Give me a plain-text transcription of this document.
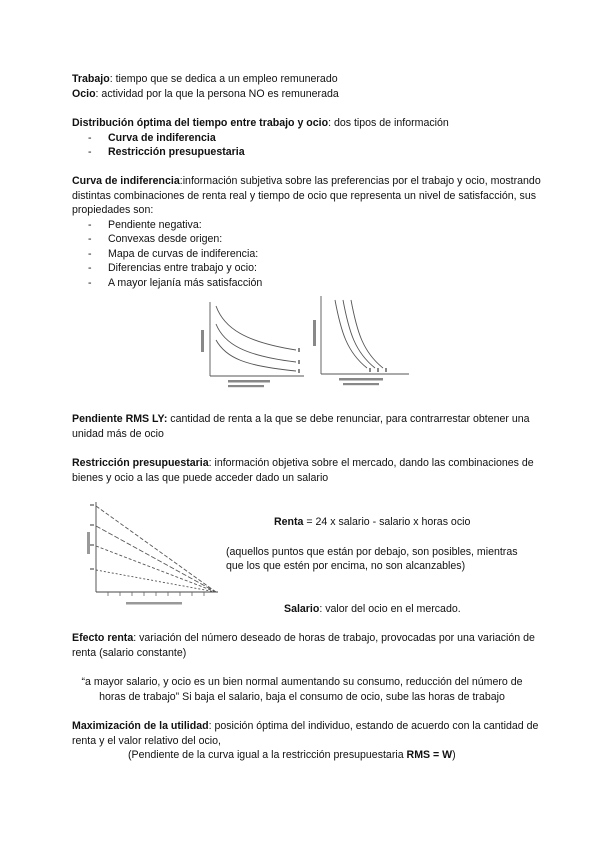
Trabajo: tiempo que se dedica a un empleo remunerado

Ocio: actividad por la que la persona NO es remunerada

Distribución óptima del tiempo entre trabajo y ocio: dos tipos de información

- Curva de indiferencia
- Restricción presupuestaria

Curva de indiferencia:información subjetiva sobre las preferencias por el trabajo y ocio, mostrando distintas combinaciones de renta real y tiempo de ocio que representa un nivel de satisfacción, sus propiedades son:

- Pendiente negativa:
- Convexas desde origen:
- Mapa de curvas de indiferencia:
- Diferencias entre trabajo y ocio:
- A mayor lejanía más satisfacción

Pendiente RMS LY: cantidad de renta a la que se debe renunciar, para contrarrestar obtener una unidad más de ocio

Restricción presupuestaria: información objetiva sobre el mercado, dando las combinaciones de bienes y ocio a las que puede acceder dado un salario

Renta = 24 x salario - salario x horas ocio

(aquellos puntos que están por debajo, son posibles, mientras que los que estén por encima, no son alcanzables)

Salario: valor del ocio en el mercado.

Efecto renta: variación del número deseado de horas de trabajo, provocadas por una variación de renta (salario constante)

“a mayor salario, y ocio es un bien normal aumentando su consumo, reducción del número de horas de trabajo” Si baja el salario, baja el consumo de ocio, sube las horas de trabajo

Maximización de la utilidad: posición óptima del individuo, estando de acuerdo con la cantidad de renta y el valor relativo del ocio,

(Pendiente de la curva igual a la restricción presupuestaria RMS = W)
